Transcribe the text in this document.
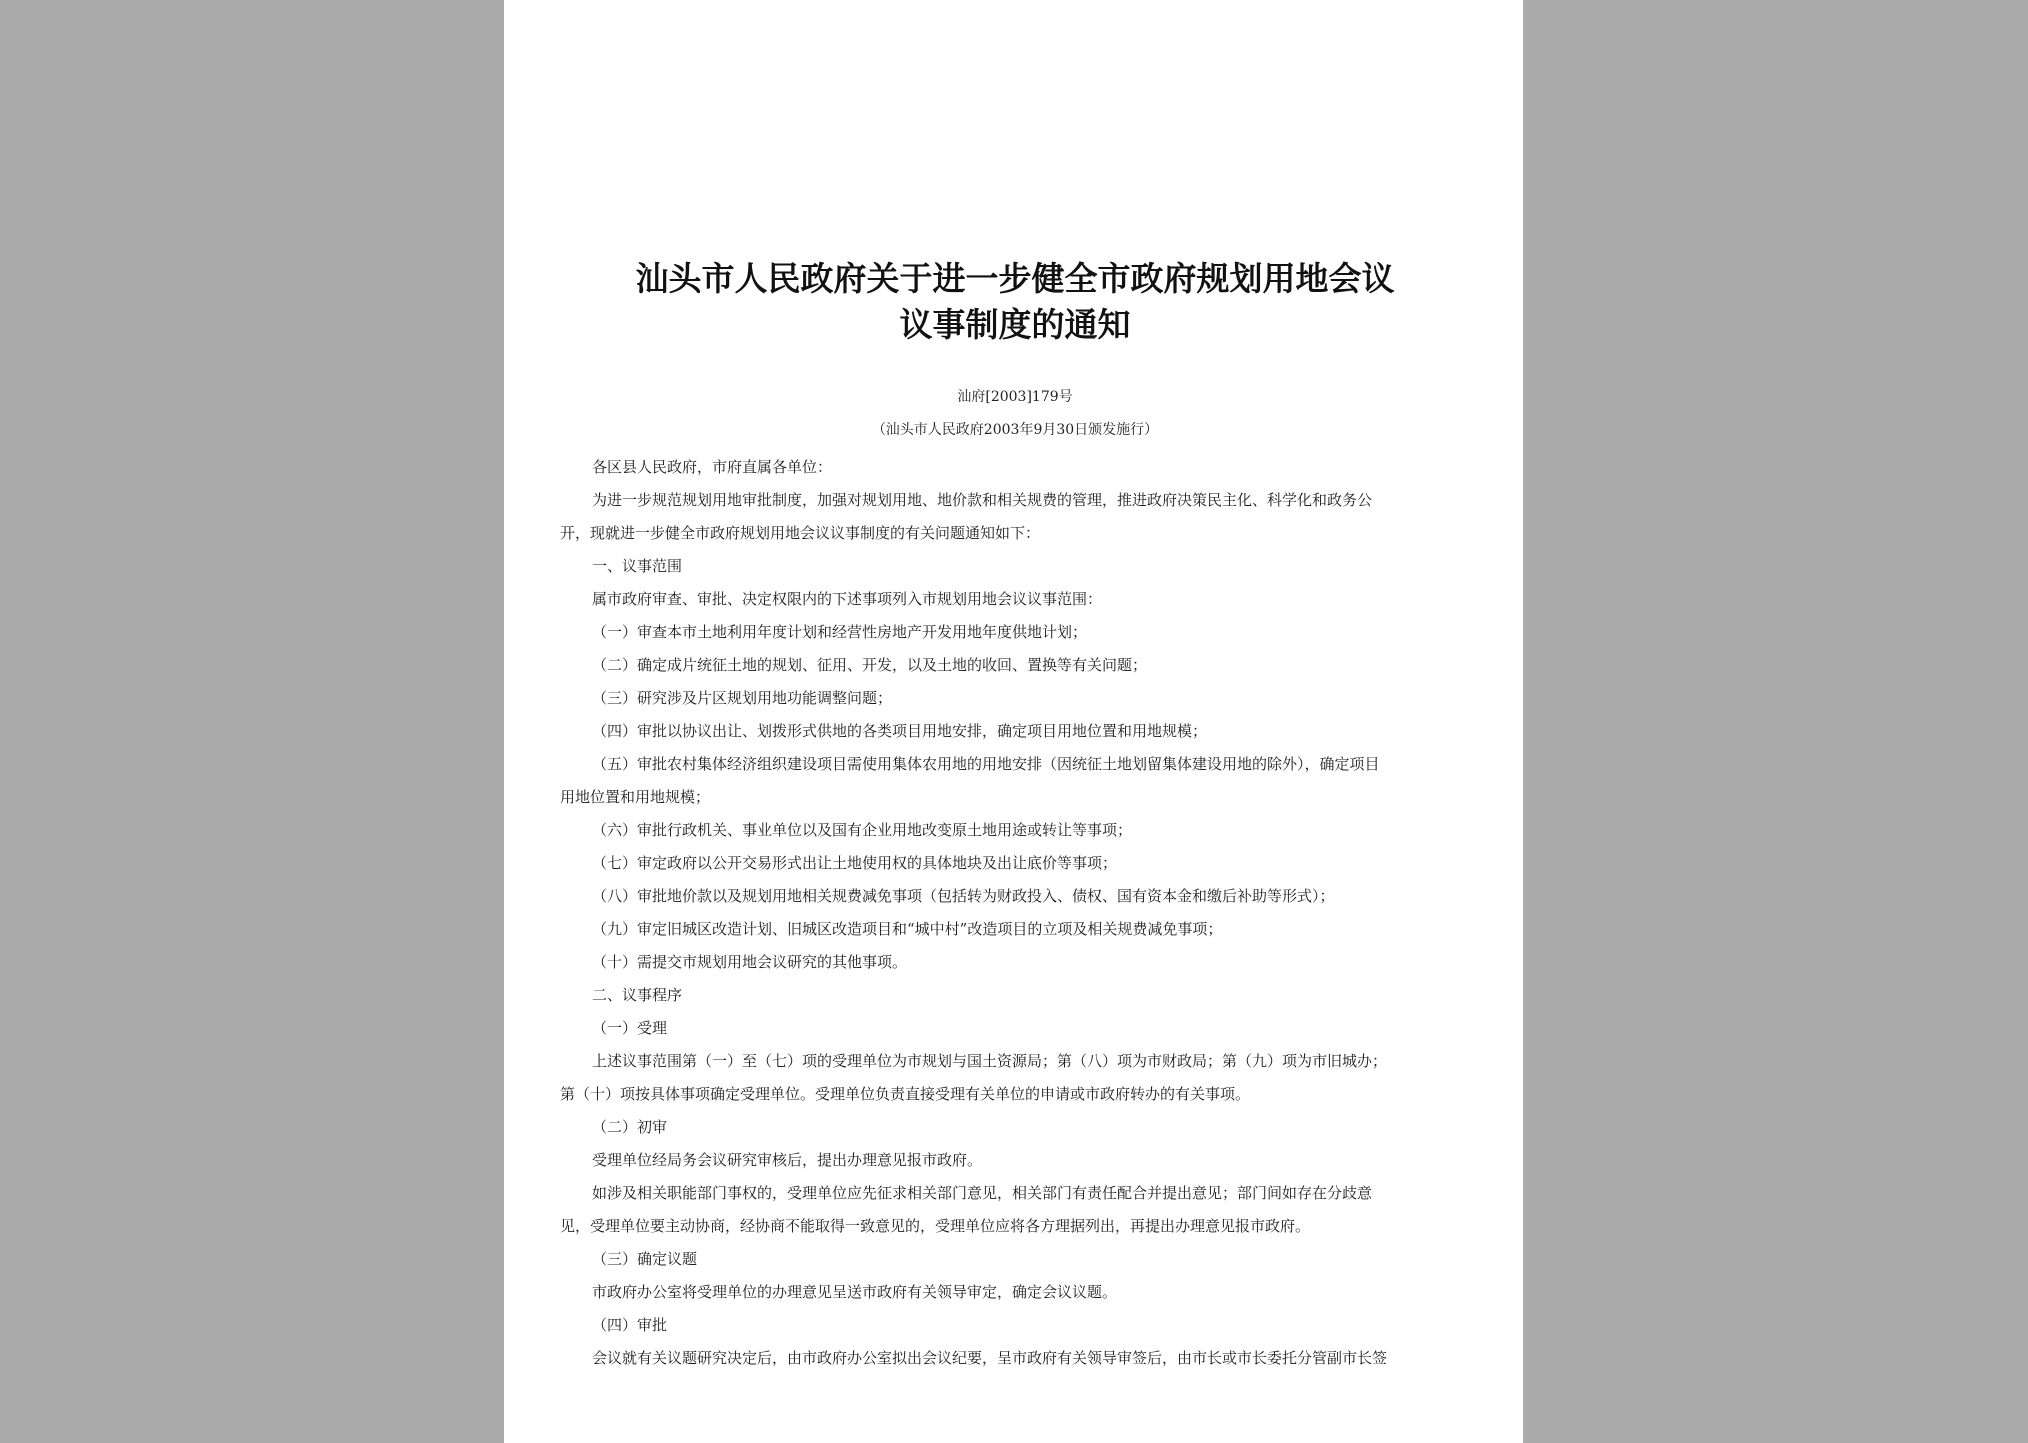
汕头市人民政府关于进一步健全市政府规划用地会议
议事制度的通知
汕府[2003]179号
（汕头市人民政府2003年9月30日颁发施行）

各区县人民政府，市府直属各单位：

为进一步规范规划用地审批制度，加强对规划用地、地价款和相关规费的管理，推进政府决策民主化、科学化和政务公

开，现就进一步健全市政府规划用地会议议事制度的有关问题通知如下：

一、议事范围

属市政府审查、审批、决定权限内的下述事项列入市规划用地会议议事范围：

（一）审查本市土地利用年度计划和经营性房地产开发用地年度供地计划；

（二）确定成片统征土地的规划、征用、开发，以及土地的收回、置换等有关问题；

（三）研究涉及片区规划用地功能调整问题；

（四）审批以协议出让、划拨形式供地的各类项目用地安排，确定项目用地位置和用地规模；

（五）审批农村集体经济组织建设项目需使用集体农用地的用地安排（因统征土地划留集体建设用地的除外），确定项目

用地位置和用地规模；

（六）审批行政机关、事业单位以及国有企业用地改变原土地用途或转让等事项；

（七）审定政府以公开交易形式出让土地使用权的具体地块及出让底价等事项；

（八）审批地价款以及规划用地相关规费减免事项（包括转为财政投入、债权、国有资本金和缴后补助等形式）；

（九）审定旧城区改造计划、旧城区改造项目和“城中村”改造项目的立项及相关规费减免事项；

（十）需提交市规划用地会议研究的其他事项。

二、议事程序

（一）受理

上述议事范围第（一）至（七）项的受理单位为市规划与国土资源局；第（八）项为市财政局；第（九）项为市旧城办；

第（十）项按具体事项确定受理单位。受理单位负责直接受理有关单位的申请或市政府转办的有关事项。

（二）初审

受理单位经局务会议研究审核后，提出办理意见报市政府。

如涉及相关职能部门事权的，受理单位应先征求相关部门意见，相关部门有责任配合并提出意见；部门间如存在分歧意

见，受理单位要主动协商，经协商不能取得一致意见的，受理单位应将各方理据列出，再提出办理意见报市政府。

（三）确定议题

市政府办公室将受理单位的办理意见呈送市政府有关领导审定，确定会议议题。

（四）审批

会议就有关议题研究决定后，由市政府办公室拟出会议纪要，呈市政府有关领导审签后，由市长或市长委托分管副市长签
